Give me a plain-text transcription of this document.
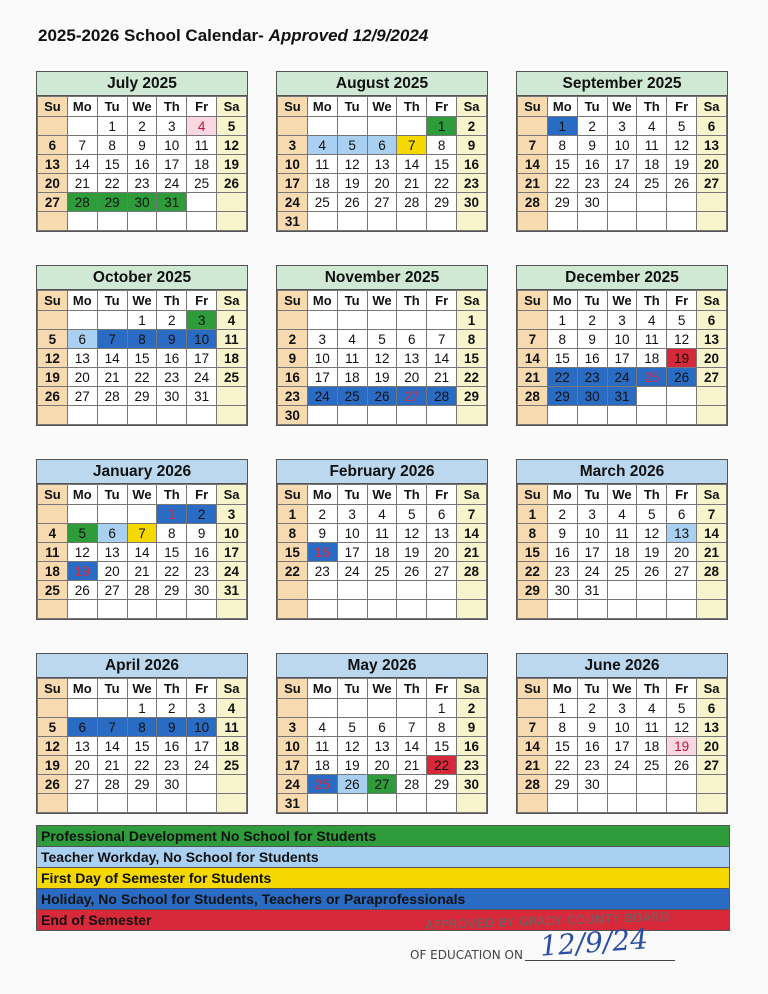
2025-2026 School Calendar- Approved 12/9/2024
July 2025
Su	Mo	Tu	We	Th	Fr	Sa
		1	2	3	4	5
6	7	8	9	10	11	12
13	14	15	16	17	18	19
20	21	22	23	24	25	26
27	28	29	30	31		

August 2025
Su	Mo	Tu	We	Th	Fr	Sa
					1	2
3	4	5	6	7	8	9
10	11	12	13	14	15	16
17	18	19	20	21	22	23
24	25	26	27	28	29	30
31						
September 2025
Su	Mo	Tu	We	Th	Fr	Sa
	1	2	3	4	5	6
7	8	9	10	11	12	13
14	15	16	17	18	19	20
21	22	23	24	25	26	27
28	29	30				

October 2025
Su	Mo	Tu	We	Th	Fr	Sa
			1	2	3	4
5	6	7	8	9	10	11
12	13	14	15	16	17	18
19	20	21	22	23	24	25
26	27	28	29	30	31	

November 2025
Su	Mo	Tu	We	Th	Fr	Sa
						1
2	3	4	5	6	7	8
9	10	11	12	13	14	15
16	17	18	19	20	21	22
23	24	25	26	27	28	29
30						
December 2025
Su	Mo	Tu	We	Th	Fr	Sa
	1	2	3	4	5	6
7	8	9	10	11	12	13
14	15	16	17	18	19	20
21	22	23	24	25	26	27
28	29	30	31			

January 2026
Su	Mo	Tu	We	Th	Fr	Sa
				1	2	3
4	5	6	7	8	9	10
11	12	13	14	15	16	17
18	19	20	21	22	23	24
25	26	27	28	29	30	31

February 2026
Su	Mo	Tu	We	Th	Fr	Sa
1	2	3	4	5	6	7
8	9	10	11	12	13	14
15	16	17	18	19	20	21
22	23	24	25	26	27	28

March 2026
Su	Mo	Tu	We	Th	Fr	Sa
1	2	3	4	5	6	7
8	9	10	11	12	13	14
15	16	17	18	19	20	21
22	23	24	25	26	27	28
29	30	31				

April 2026
Su	Mo	Tu	We	Th	Fr	Sa
			1	2	3	4
5	6	7	8	9	10	11
12	13	14	15	16	17	18
19	20	21	22	23	24	25
26	27	28	29	30		

May 2026
Su	Mo	Tu	We	Th	Fr	Sa
					1	2
3	4	5	6	7	8	9
10	11	12	13	14	15	16
17	18	19	20	21	22	23
24	25	26	27	28	29	30
31						
June 2026
Su	Mo	Tu	We	Th	Fr	Sa
	1	2	3	4	5	6
7	8	9	10	11	12	13
14	15	16	17	18	19	20
21	22	23	24	25	26	27
28	29	30				

Professional Development No School for Students
Teacher Workday, No School for Students
First Day of Semester for Students
Holiday, No School for Students, Teachers or Paraprofessionals
End of Semester	APPROVED BY GRADY COUNTY BOARD
OF EDUCATION ON 12/9/24
